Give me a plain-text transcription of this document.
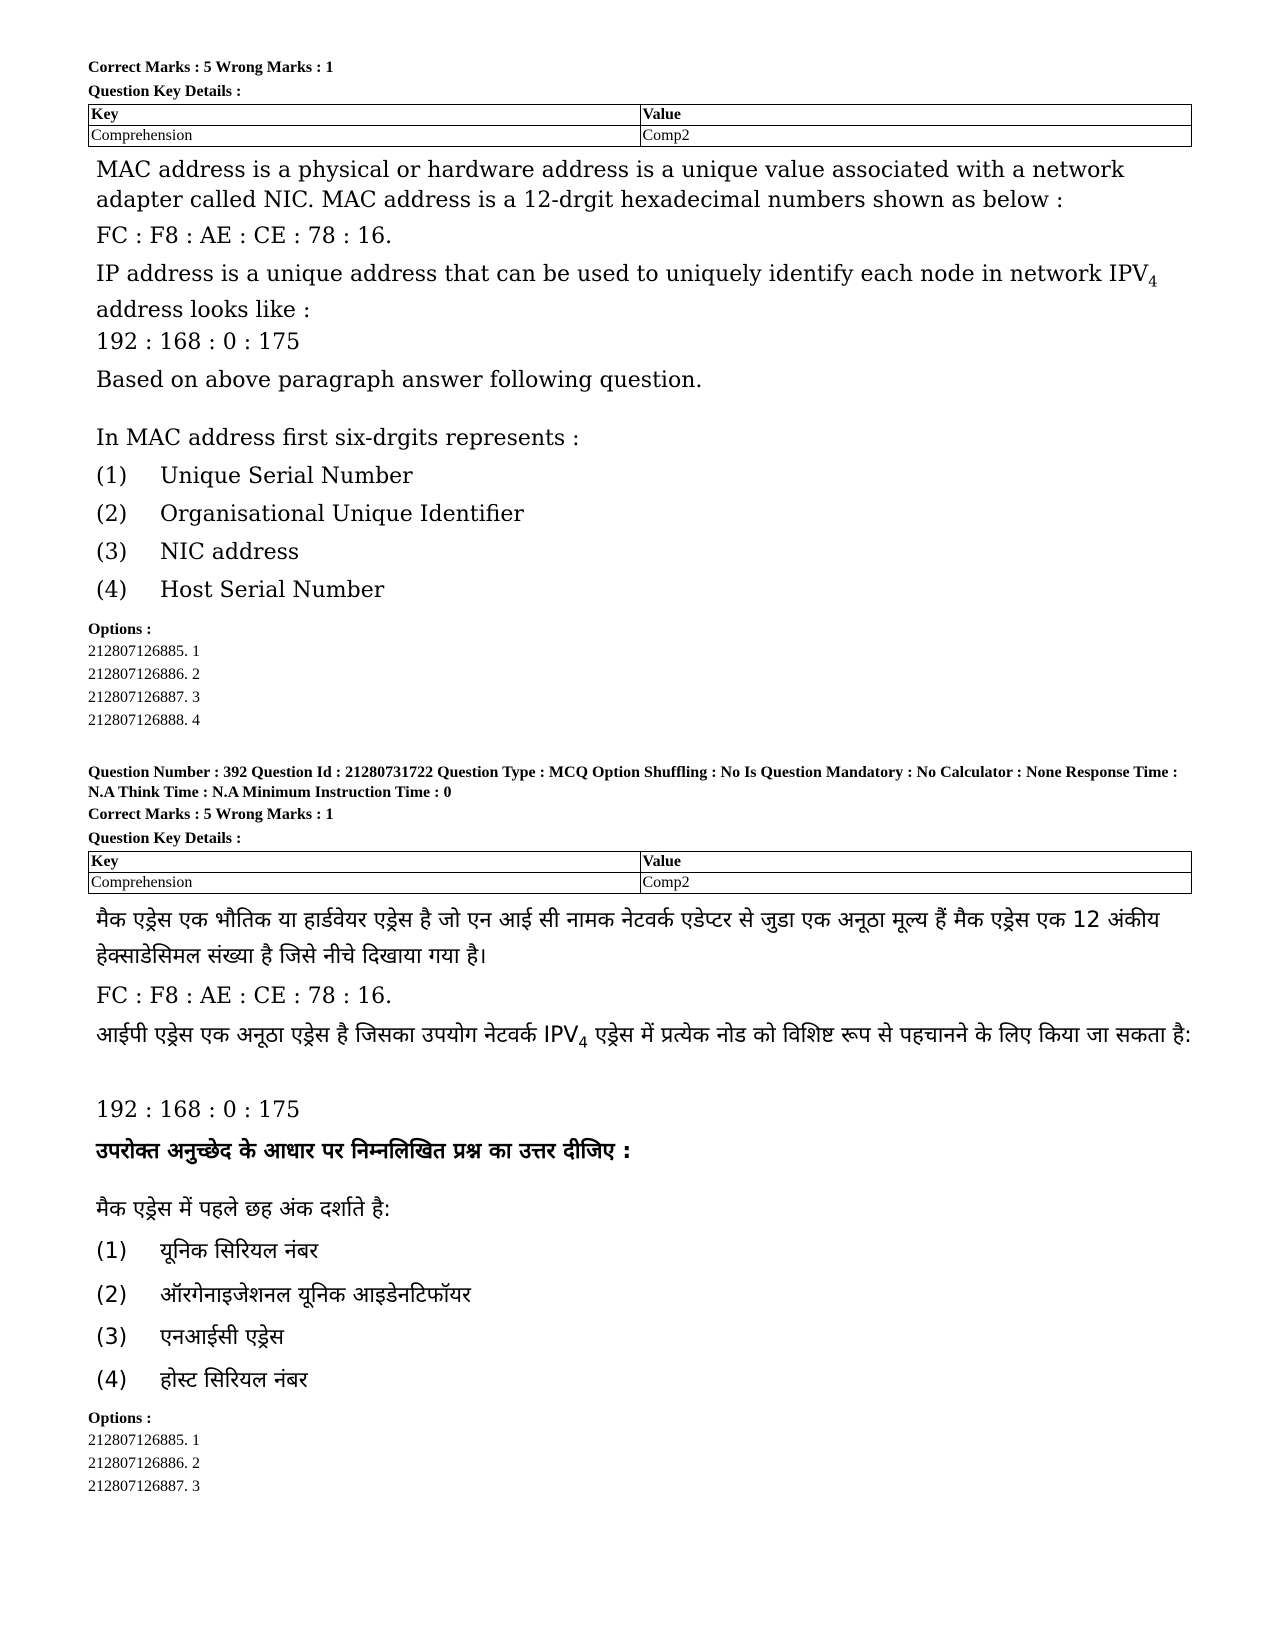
Correct Marks : 5 Wrong Marks : 1
Question Key Details :
Key	Value
Comprehension	Comp2
MAC address is a physical or hardware address is a unique value associated with a network adapter called NIC. MAC address is a 12-drgit hexadecimal numbers shown as below :
FC : F8 : AE : CE : 78 : 16.
IP address is a unique address that can be used to uniquely identify each node in network $IPV_4$ address looks like :
192 : 168 : 0 : 175
Based on above paragraph answer following question.
In MAC address first six-drgits represents :
(1) Unique Serial Number
(2) Organisational Unique Identifier
(3) NIC address
(4) Host Serial Number
Options :
212807126885. 1
212807126886. 2
212807126887. 3
212807126888. 4
Question Number : 392 Question Id : 21280731722 Question Type : MCQ Option Shuffling : No Is Question Mandatory : No Calculator : None Response Time : N.A Think Time : N.A Minimum Instruction Time : 0
Correct Marks : 5 Wrong Marks : 1
Question Key Details :
Key	Value
Comprehension	Comp2
मैक एड्रेस एक भौतिक या हार्डवेयर एड्रेस है जो एन आई सी नामक नेटवर्क एडेप्टर से जुडा एक अनूठा मूल्य हैं मैक एड्रेस एक 12 अंकीय हेक्साडेसिमल संख्या है जिसे नीचे दिखाया गया है।
FC : F8 : AE : CE : 78 : 16.
आईपी एड्रेस एक अनूठा एड्रेस है जिसका उपयोग नेटवर्क $IPV_4$ एड्रेस में प्रत्येक नोड को विशिष्ट रूप से पहचानने के लिए किया जा सकता है:
192 : 168 : 0 : 175
उपरोक्त अनुच्छेद के आधार पर निम्नलिखित प्रश्न का उत्तर दीजिए :
मैक एड्रेस में पहले छह अंक दर्शाते है:
(1) यूनिक सिरियल नंबर
(2) ऑरगेनाइजेशनल यूनिक आइडेनटिफॉयर
(3) एनआईसी एड्रेस
(4) होस्ट सिरियल नंबर
Options :
212807126885. 1
212807126886. 2
212807126887. 3
